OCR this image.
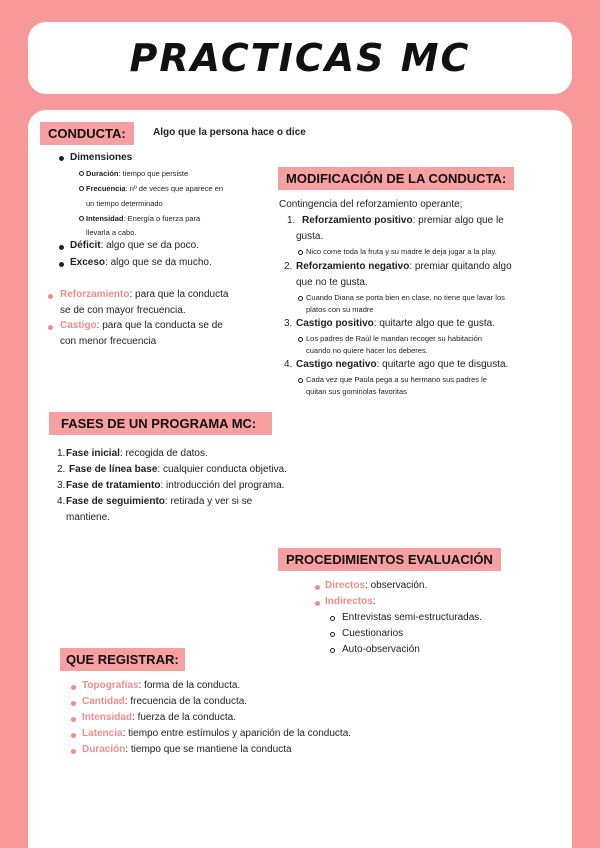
PRACTICAS MC
CONDUCTA:	Algo que la persona hace o dice
Dimensiones
Duración: tiempo que persiste
Frecuencia: nº de veces que aparece en
un tiempo determinado
Intensidad: Energía o fuerza para
llevarla a cabo.
Déficit: algo que se da poco.
Exceso: algo que se da mucho.
Reforzamiento: para que la conducta
se de con mayor frecuencia.
Castigo: para que la conducta se de
con menor frecuencia
MODIFICACIÓN DE LA CONDUCTA:
Contingencia del reforzamiento operante;
1. Reforzamiento positivo: premiar algo que le
gusta.
Nico come toda la fruta y su madre le deja jugar a la play.
2. Reforzamiento negativo: premiar quitando algo
que no te gusta.
Cuando Diana se porta bien en clase, no tiene que lavar los
platos con su madre
3. Castigo positivo: quitarte algo que te gusta.
Los padres de Raúl le mandan recoger su habitación
cuando no quiere hacer los deberes.
4. Castigo negativo: quitarte ago que te disgusta.
Cada vez que Paula pega a su hermano sus padres le
quitan sus gominolas favoritas
FASES DE UN PROGRAMA MC:
1. Fase inicial: recogida de datos.
2. Fase de línea base: cualquier conducta objetiva.
3. Fase de tratamiento: introducción del programa.
4. Fase de seguimiento: retirada y ver si se
mantiene.
PROCEDIMIENTOS EVALUACIÓN
Directos: observación.
Indirectos:
Entrevistas semi-estructuradas.
Cuestionarios
Auto-observación
QUE REGISTRAR:
Topografías: forma de la conducta.
Cantidad: frecuencia de la conducta.
Intensidad: fuerza de la conducta.
Latencia: tiempo entre estímulos y aparición de la conducta.
Duración: tiempo que se mantiene la conducta
